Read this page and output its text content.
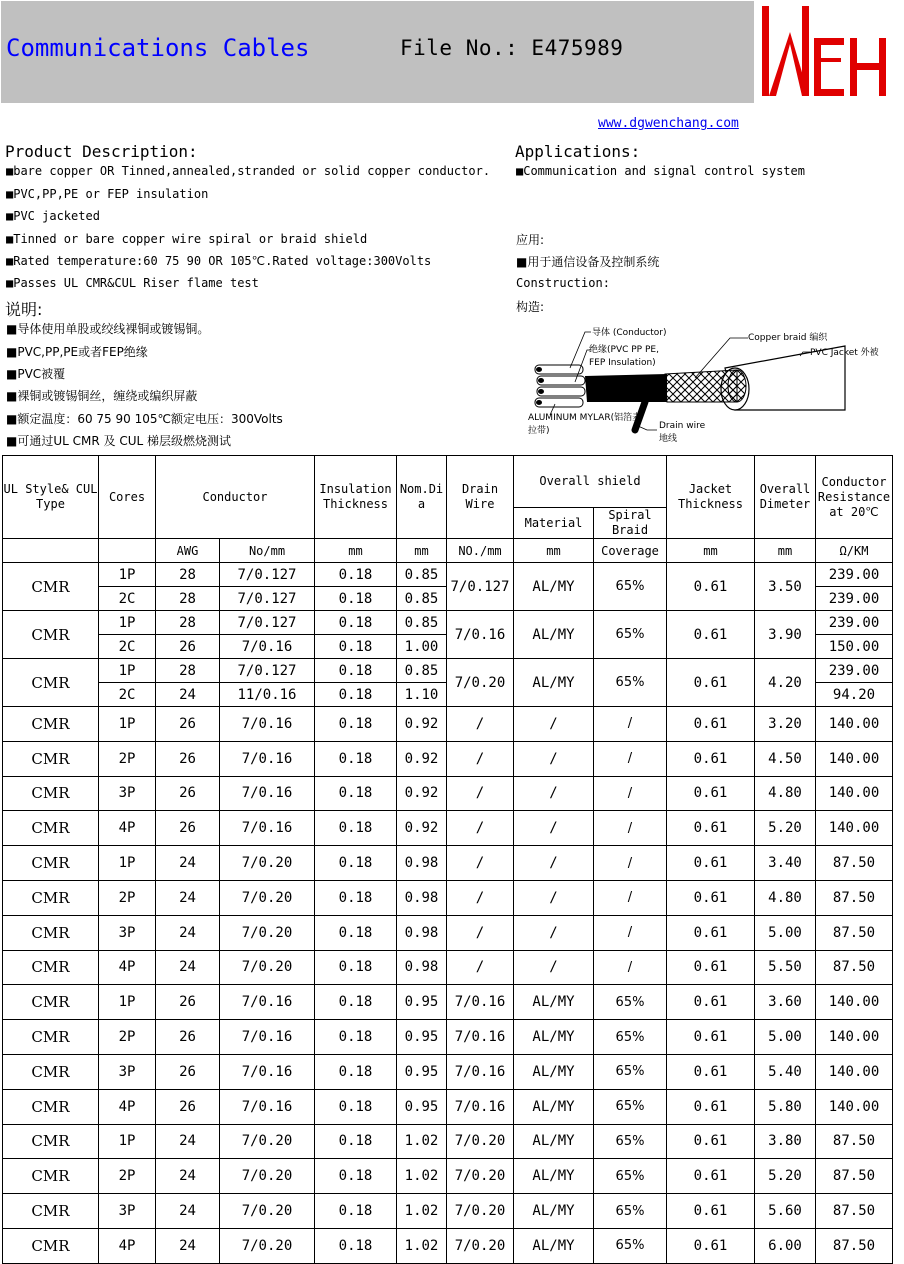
Communications Cables	File No.: E475989
www.dgwenchang.com
Product Description:
■bare copper OR Tinned,annealed,stranded or solid copper conductor.
■PVC,PP,PE or FEP insulation
■PVC jacketed
■Tinned or bare copper wire spiral or braid shield
■Rated temperature:60 75 90 OR 105℃.Rated voltage:300Volts
■Passes UL CMR&CUL Riser flame test
说明:
■导体使用单股或绞线裸铜或镀锡铜。
■PVC,PP,PE或者FEP绝缘
■PVC被覆
■裸铜或镀锡铜丝，缠绕或编织屏蔽
■额定温度：60 75 90 105℃额定电压：300Volts
■可通过UL CMR 及 CUL 梯层级燃烧测试
Applications:
■Communication and signal control system
应用:
■用于通信设备及控制系统
Construction:
构造:
导体 (Conductor)
绝缘(PVC PP PE,
FEP Insulation)
Copper braid 编织
PVC Jacket 外被
ALUMINUM MYLAR(铝箔麦
拉带)	Drain wire
地线
UL Style& CUL Type	Cores	Conductor		Insulation Thickness	Nom.Di a	Drain Wire	Overall shield		Jacket Thickness	Overall Dimeter	Conductor Resistance at 20℃
							Material	Spiral Braid			
		AWG	No/mm	mm	mm	NO./mm	mm	Coverage	mm	mm	Ω/KM
CMR	1P	28	7/0.127	0.18	0.85	7/0.127	AL/MY	65%	0.61	3.50	239.00
	2C	28	7/0.127	0.18	0.85						239.00
CMR	1P	28	7/0.127	0.18	0.85	7/0.16	AL/MY	65%	0.61	3.90	239.00
	2C	26	7/0.16	0.18	1.00						150.00
CMR	1P	28	7/0.127	0.18	0.85	7/0.20	AL/MY	65%	0.61	4.20	239.00
	2C	24	11/0.16	0.18	1.10						94.20
CMR	1P	26	7/0.16	0.18	0.92	/	/	/	0.61	3.20	140.00
CMR	2P	26	7/0.16	0.18	0.92	/	/	/	0.61	4.50	140.00
CMR	3P	26	7/0.16	0.18	0.92	/	/	/	0.61	4.80	140.00
CMR	4P	26	7/0.16	0.18	0.92	/	/	/	0.61	5.20	140.00
CMR	1P	24	7/0.20	0.18	0.98	/	/	/	0.61	3.40	87.50
CMR	2P	24	7/0.20	0.18	0.98	/	/	/	0.61	4.80	87.50
CMR	3P	24	7/0.20	0.18	0.98	/	/	/	0.61	5.00	87.50
CMR	4P	24	7/0.20	0.18	0.98	/	/	/	0.61	5.50	87.50
CMR	1P	26	7/0.16	0.18	0.95	7/0.16	AL/MY	65%	0.61	3.60	140.00
CMR	2P	26	7/0.16	0.18	0.95	7/0.16	AL/MY	65%	0.61	5.00	140.00
CMR	3P	26	7/0.16	0.18	0.95	7/0.16	AL/MY	65%	0.61	5.40	140.00
CMR	4P	26	7/0.16	0.18	0.95	7/0.16	AL/MY	65%	0.61	5.80	140.00
CMR	1P	24	7/0.20	0.18	1.02	7/0.20	AL/MY	65%	0.61	3.80	87.50
CMR	2P	24	7/0.20	0.18	1.02	7/0.20	AL/MY	65%	0.61	5.20	87.50
CMR	3P	24	7/0.20	0.18	1.02	7/0.20	AL/MY	65%	0.61	5.60	87.50
CMR	4P	24	7/0.20	0.18	1.02	7/0.20	AL/MY	65%	0.61	6.00	87.50
